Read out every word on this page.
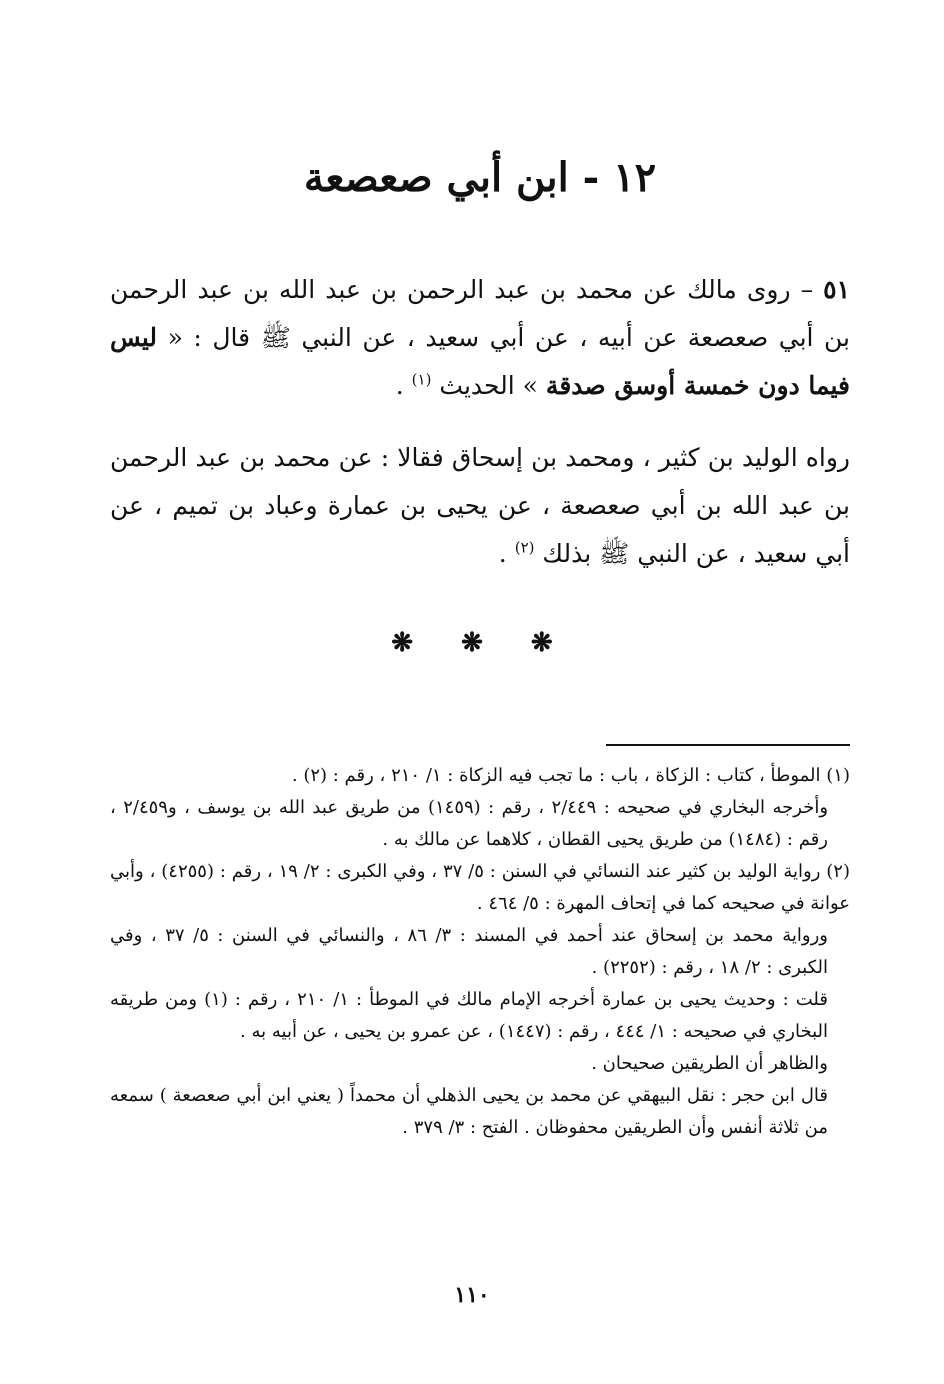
١٢ - ابن أبي صعصعة

٥١ – روى مالك عن محمد بن عبد الرحمن بن عبد الله بن عبد الرحمن بن أبي صعصعة عن أبيه ، عن أبي سعيد ، عن النبي ﷺ قال : « ليس فيما دون خمسة أوسق صدقة » الحديث $^{(١)}$ .

رواه الوليد بن كثير ، ومحمد بن إسحاق فقالا : عن محمد بن عبد الرحمن بن عبد الله بن أبي صعصعة ، عن يحيى بن عمارة وعباد بن تميم ، عن أبي سعيد ، عن النبي ﷺ بذلك $^{(٢)}$ .

❋❋❋

(١) الموطأ ، كتاب : الزكاة ، باب : ما تجب فيه الزكاة : ١/ ٢١٠ ، رقم : (٢) .

وأخرجه البخاري في صحيحه : ٢/٤٤٩ ، رقم : (١٤٥٩) من طريق عبد الله بن يوسف ، و٢/٤٥٩ ، رقم : (١٤٨٤) من طريق يحيى القطان ، كلاهما عن مالك به .

(٢) رواية الوليد بن كثير عند النسائي في السنن : ٥/ ٣٧ ، وفي الكبرى : ٢/ ١٩ ، رقم : (٤٢٥٥) ، وأبي عوانة في صحيحه كما في إتحاف المهرة : ٥/ ٤٦٤ .

ورواية محمد بن إسحاق عند أحمد في المسند : ٣/ ٨٦ ، والنسائي في السنن : ٥/ ٣٧ ، وفي الكبرى : ٢/ ١٨ ، رقم : (٢٢٥٢) .

قلت : وحديث يحيى بن عمارة أخرجه الإمام مالك في الموطأ : ١/ ٢١٠ ، رقم : (١) ومن طريقه البخاري في صحيحه : ١/ ٤٤٤ ، رقم : (١٤٤٧) ، عن عمرو بن يحيى ، عن أبيه به .

والظاهر أن الطريقين صحيحان .

قال ابن حجر : نقل البيهقي عن محمد بن يحيى الذهلي أن محمداً ( يعني ابن أبي صعصعة ) سمعه من ثلاثة أنفس وأن الطريقين محفوظان . الفتح : ٣/ ٣٧٩ .

١١٠
